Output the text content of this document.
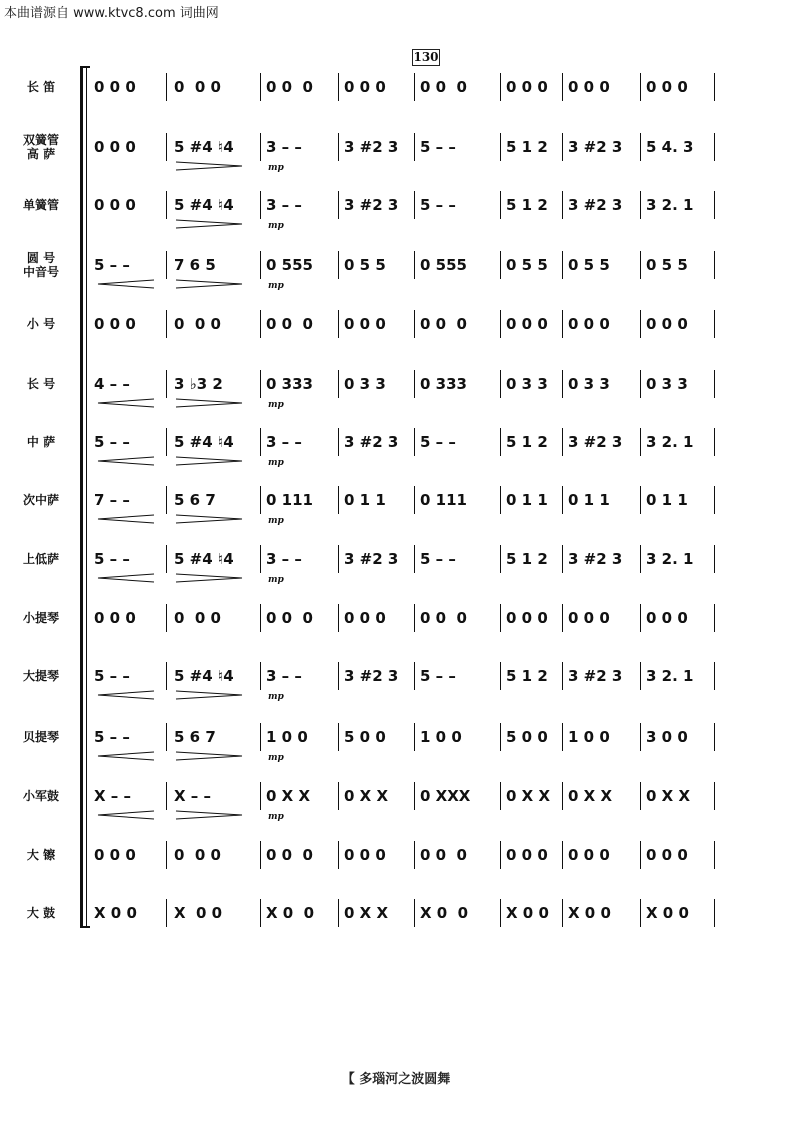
本曲谱源自 www.ktvc8.com 词曲网
130
长 笛	0 0 0	0  0 0	0 0  0	0 0 0	0 0  0	0 0 0	0 0 0	0 0 0
双簧管
高 萨	0 0 0	5 #4 ♮4	3 – –	3 #2 3	5 – –	5 1 2	3 #2 3	5 4. 3
mp
单簧管	0 0 0	5 #4 ♮4	3 – –	3 #2 3	5 – –	5 1 2	3 #2 3	3 2. 1
mp
圆 号
中音号	5 – –	7 6 5	0 555	0 5 5	0 555	0 5 5	0 5 5	0 5 5
mp
小 号	0 0 0	0  0 0	0 0  0	0 0 0	0 0  0	0 0 0	0 0 0	0 0 0
长 号	4 – –	3 ♭3 2	0 333	0 3 3	0 333	0 3 3	0 3 3	0 3 3
mp
中 萨	5 – –	5 #4 ♮4	3 – –	3 #2 3	5 – –	5 1 2	3 #2 3	3 2. 1
mp
次中萨	7 – –	5 6 7	0 111	0 1 1	0 111	0 1 1	0 1 1	0 1 1
mp
上低萨	5 – –	5 #4 ♮4	3 – –	3 #2 3	5 – –	5 1 2	3 #2 3	3 2. 1
mp
小提琴	0 0 0	0  0 0	0 0  0	0 0 0	0 0  0	0 0 0	0 0 0	0 0 0
大提琴	5 – –	5 #4 ♮4	3 – –	3 #2 3	5 – –	5 1 2	3 #2 3	3 2. 1
mp
贝提琴	5 – –	5 6 7	1 0 0	5 0 0	1 0 0	5 0 0	1 0 0	3 0 0
mp
小军鼓	X – –	X – –	0 X X	0 X X	0 XXX	0 X X	0 X X	0 X X
mp
大 镲	0 0 0	0  0 0	0 0  0	0 0 0	0 0  0	0 0 0	0 0 0	0 0 0
大 鼓	X 0 0	X  0 0	X 0  0	0 X X	X 0  0	X 0 0	X 0 0	X 0 0
【 多瑙河之波圆舞
